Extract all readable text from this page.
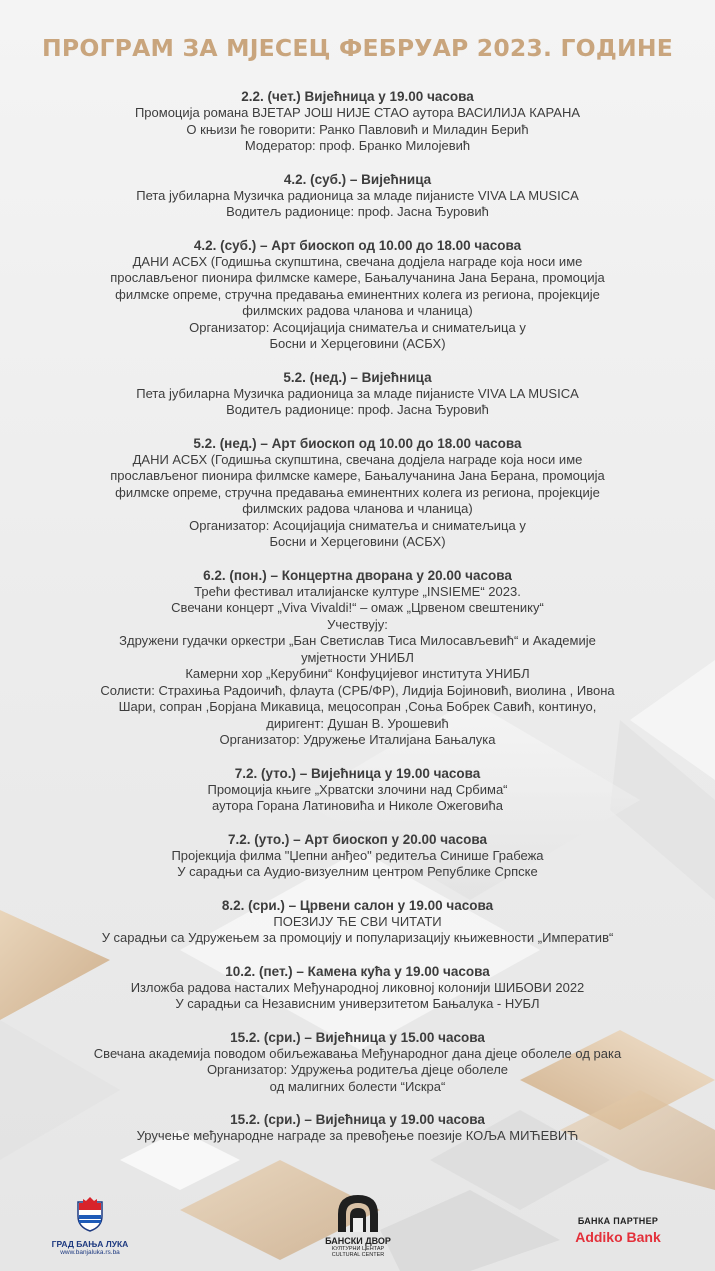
ПРОГРАМ ЗА МЈЕСЕЦ ФЕБРУАР 2023. ГОДИНЕ
2.2. (чет.) Вијећница у 19.00 часова
Промоција романа ВЈЕТАР ЈОШ НИЈЕ СТАО аутора ВАСИЛИЈА КАРАНА
О књизи ће говорити: Ранко Павловић и Миладин Берић
Модератор: проф. Бранко Милојевић
4.2. (суб.) – Вијећница
Пета јубиларна Музичка радионица за младе пијанисте VIVA LA MUSICA
Водитељ радионице: проф. Јасна Ђуровић
4.2. (суб.) – Арт биоскоп од 10.00 до 18.00 часова
ДАНИ АСБХ (Годишња скупштина, свечана додјела награде која носи име
прослављеног пионира филмске камере, Бањалучанина Јана Берана, промоција
филмске опреме, стручна предавања еминентних колега из региона, пројекције
филмских радова чланова и чланица)
Организатор: Асоцијација сниматеља и сниматељица у
Босни и Херцеговини (АСБХ)
5.2. (нед.) – Вијећница
Пета јубиларна Музичка радионица за младе пијанисте VIVA LA MUSICA
Водитељ радионице: проф. Јасна Ђуровић
5.2. (нед.) – Арт биоскоп од 10.00 до 18.00 часова
ДАНИ АСБХ (Годишња скупштина, свечана додјела награде која носи име
прослављеног пионира филмске камере, Бањалучанина Јана Берана, промоција
филмске опреме, стручна предавања еминентних колега из региона, пројекције
филмских радова чланова и чланица)
Организатор: Асоцијација сниматеља и сниматељица у
Босни и Херцеговини (АСБХ)
6.2. (пон.) – Концертна дворана у 20.00 часова
Трећи фестивал италијанске културе „INSIEME“ 2023.
Свечани концерт „Viva Vivaldi!“ – омаж „Црвеном свештенику“
Учествују:
Здружени гудачки оркестри „Бан Светислав Тиса Милосављевић“ и Академије
умјетности УНИБЛ
Камерни хор „Керубини“ Конфуцијевог института УНИБЛ
Солисти: Страхиња Радоичић, флаута (СРБ/ФР), Лидија Бојиновић, виолина , Ивона
Шари, сопран ,Борјана Микавица, мецосопран ,Соња Бобрек Савић, континуо,
диригент: Душан В. Урошевић
Организатор: Удружење Италијана Бањалука
7.2. (уто.) – Вијећница у 19.00 часова
Промоција књиге „Хрватски злочини над Србима“
аутора Горана Латиновића и Николе Ожеговића
7.2. (уто.) – Арт биоскоп у 20.00 часова
Пројекција филма "Џепни анђео" редитеља Синише Грабежа
У сарадњи са Аудио-визуелним центром Републике Српске
8.2. (сри.) – Црвени салон у 19.00 часова
ПОЕЗИЈУ ЋЕ СВИ ЧИТАТИ
У сарадњи са Удружењем за промоцију и популаризацију књижевности „Императив“
10.2. (пет.) – Камена кућа у 19.00 часова
Изложба радова насталих Међународној ликовној колонији ШИБОВИ 2022
У сарадњи са Независним универзитетом Бањалука - НУБЛ
15.2. (сри.) – Вијећница у 15.00 часова
Свечана академија поводом обиљежавања Међународног дана дјеце оболеле од рака
Организатор: Удружења родитеља дјеце оболеле
од малигних болести “Искра“
15.2. (сри.) – Вијећница у 19.00 часова
Уручење међународне награде за превођење поезије КОЉА МИЋЕВИЋ
ГРАД БАЊА ЛУКА
www.banjaluka.rs.ba
БАНСКИ ДВОР
КУЛТУРНИ ЦЕНТАР
CULTURAL CENTER
БАНКА ПАРТНЕР
Addiko Bank
